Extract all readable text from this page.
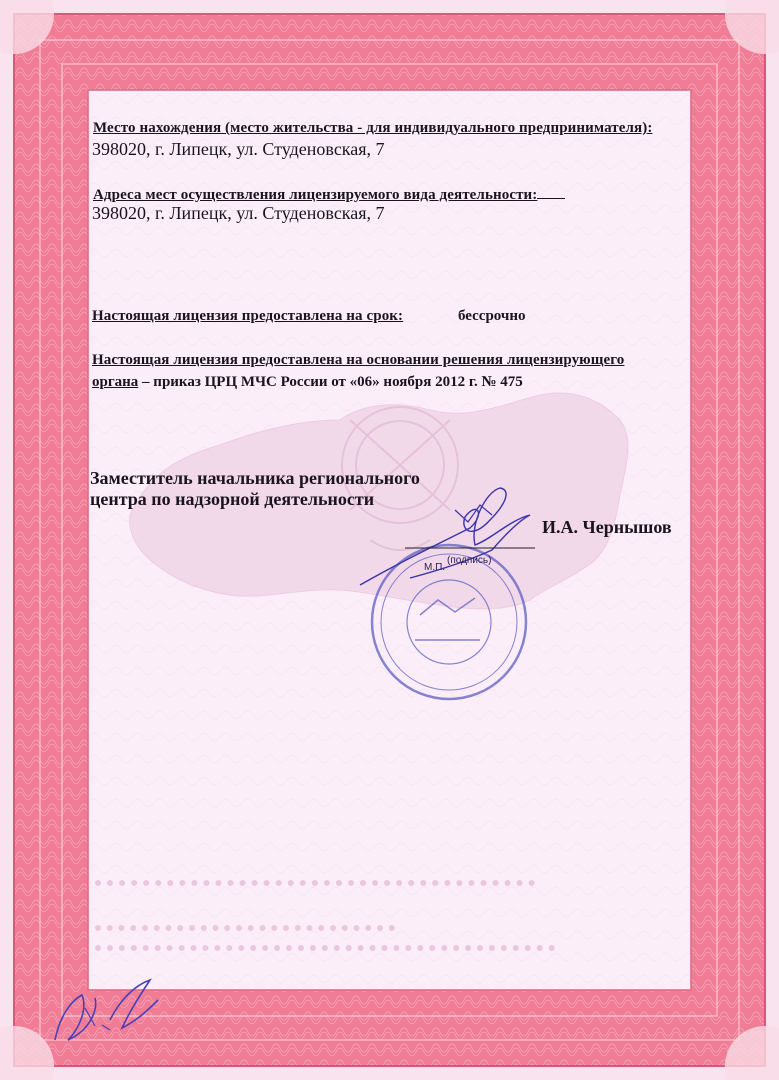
Место нахождения (место жительства - для индивидуального предпринимателя):
398020, г. Липецк, ул. Студеновская, 7
Адреса мест осуществления лицензируемого вида деятельности:
398020, г. Липецк, ул. Студеновская, 7
Настоящая лицензия предоставлена на срок:	бессрочно
Настоящая лицензия предоставлена на основании решения лицензирующего
органа – приказ ЦРЦ МЧС России от «06» ноября 2012 г. № 475
Заместитель начальника регионального
центра по надзорной деятельности
И.А. Чернышов
(подпись)
М.П.
